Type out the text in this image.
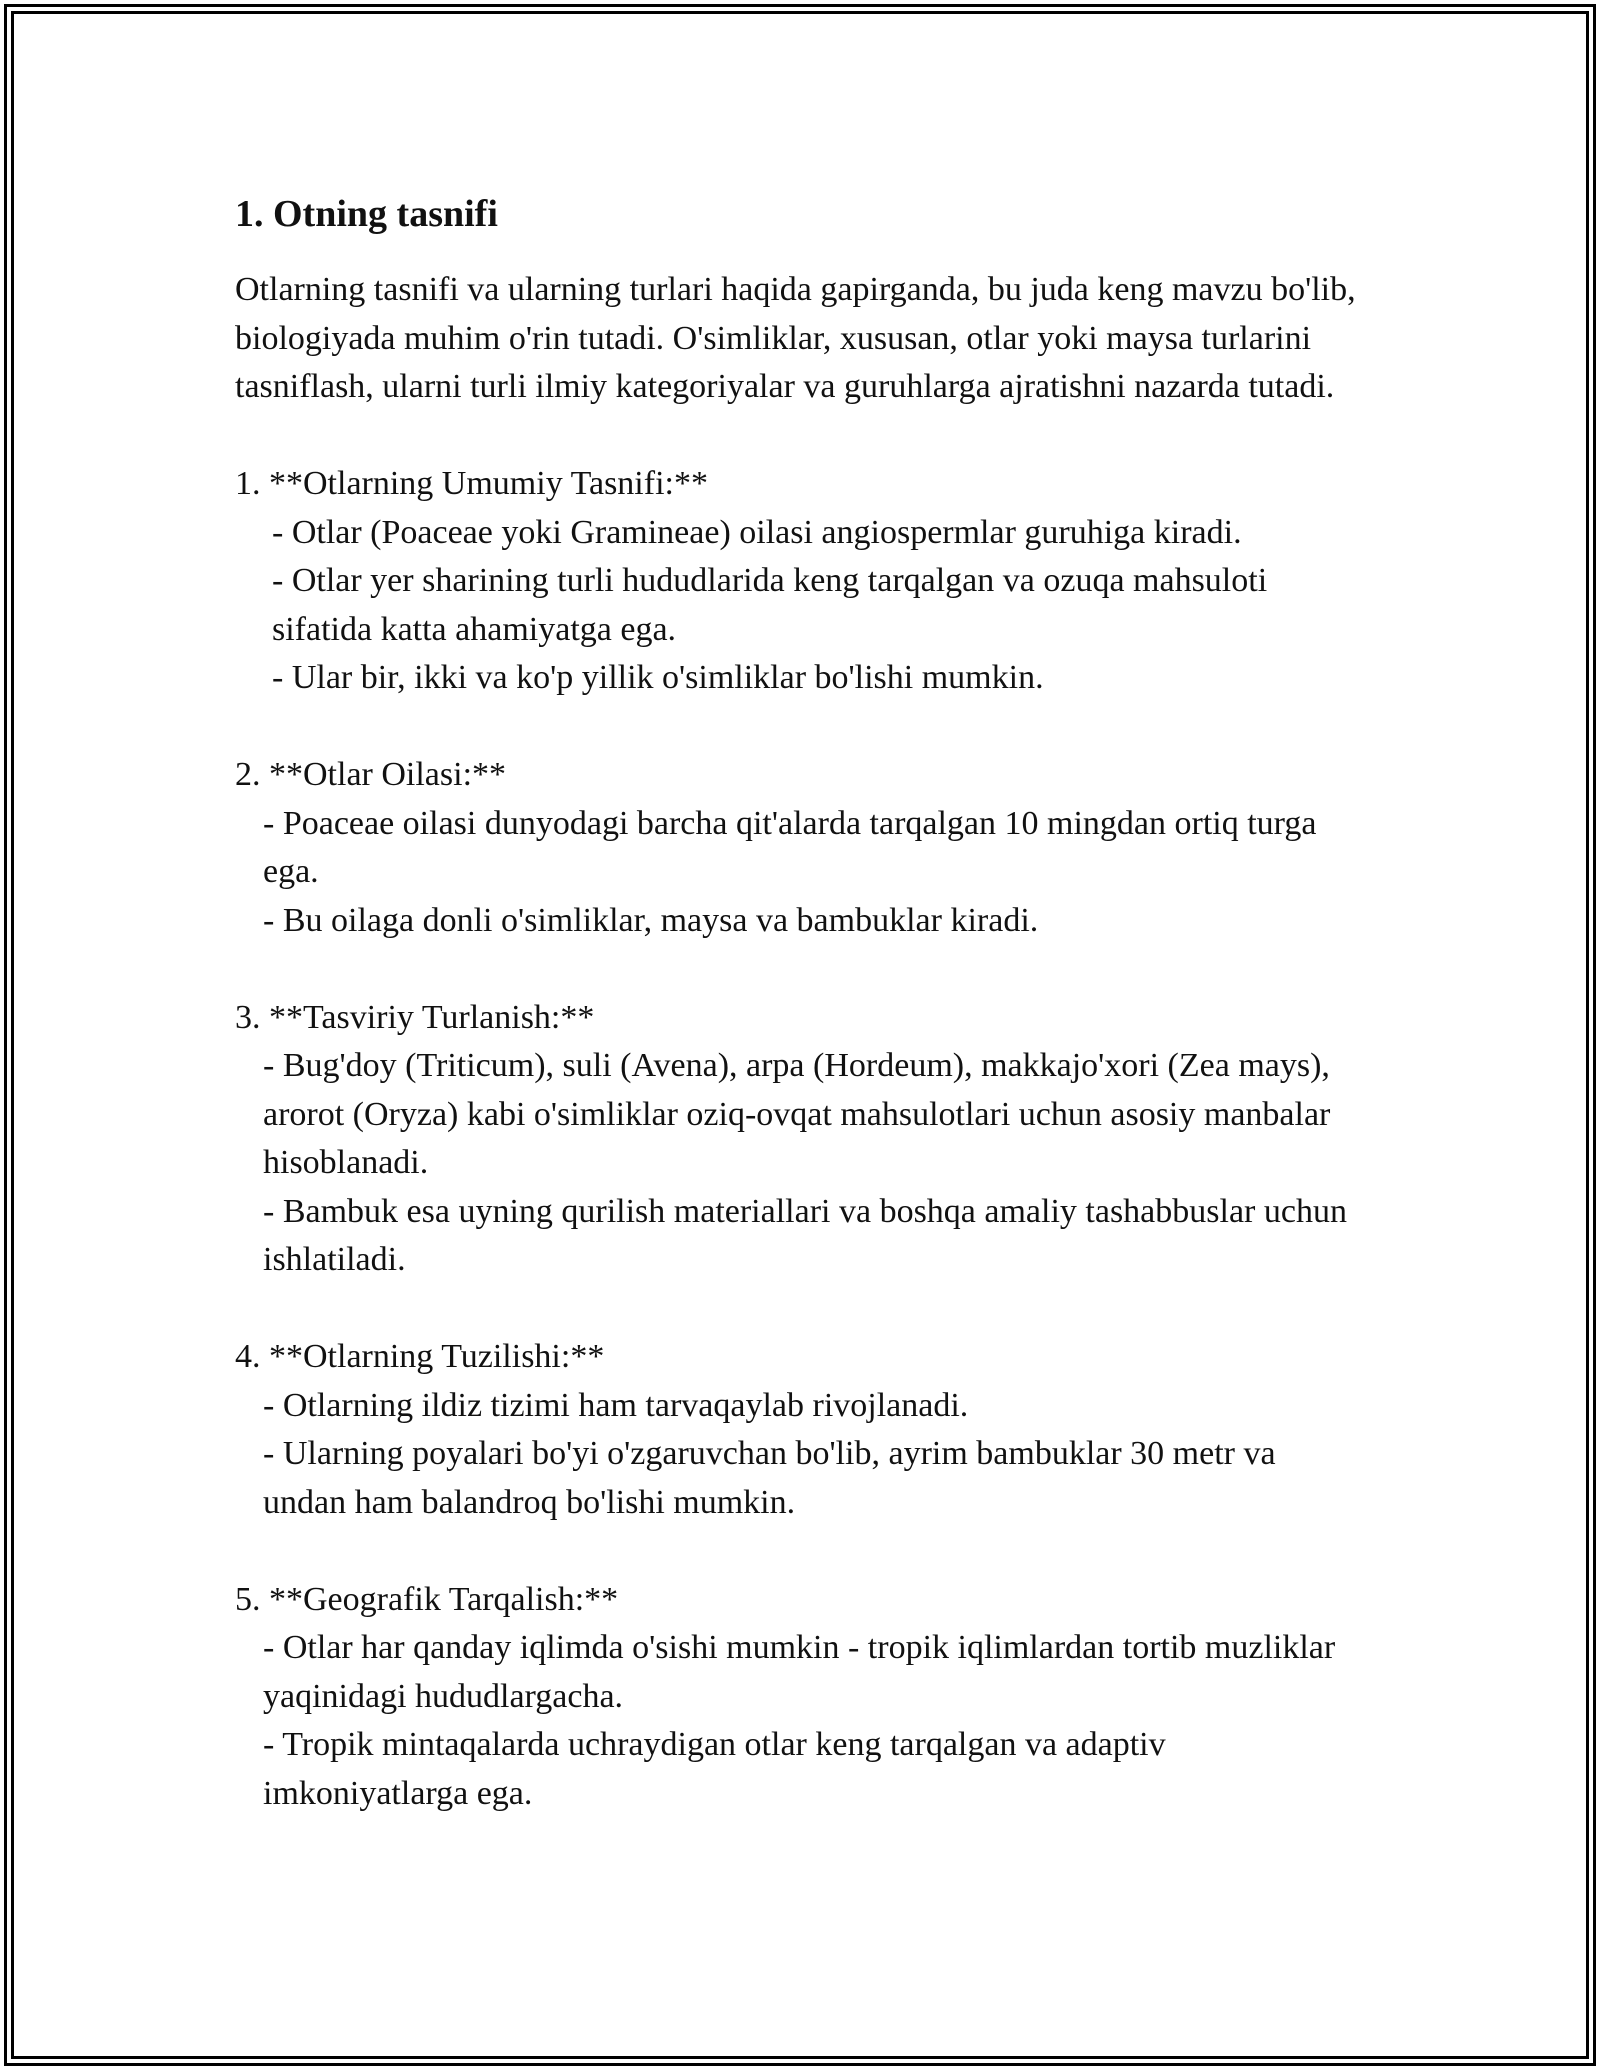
1. Otning tasnifi
Otlarning tasnifi va ularning turlari haqida gapirganda, bu juda keng mavzu bo'lib, biologiyada muhim o'rin tutadi. O'simliklar, xususan, otlar yoki maysa turlarini tasniflash, ularni turli ilmiy kategoriyalar va guruhlarga ajratishni nazarda tutadi.
1. **Otlarning Umumiy Tasnifi:**
- Otlar (Poaceae yoki Gramineae) oilasi angiospermlar guruhiga kiradi.
- Otlar yer sharining turli hududlarida keng tarqalgan va ozuqa mahsuloti sifatida katta ahamiyatga ega.
- Ular bir, ikki va ko'p yillik o'simliklar bo'lishi mumkin.
2. **Otlar Oilasi:**
- Poaceae oilasi dunyodagi barcha qit'alarda tarqalgan 10 mingdan ortiq turga ega.
- Bu oilaga donli o'simliklar, maysa va bambuklar kiradi.
3. **Tasviriy Turlanish:**
- Bug'doy (Triticum), suli (Avena), arpa (Hordeum), makkajo'xori (Zea mays), arorot (Oryza) kabi o'simliklar oziq-ovqat mahsulotlari uchun asosiy manbalar hisoblanadi.
- Bambuk esa uyning qurilish materiallari va boshqa amaliy tashabbuslar uchun ishlatiladi.
4. **Otlarning Tuzilishi:**
- Otlarning ildiz tizimi ham tarvaqaylab rivojlanadi.
- Ularning poyalari bo'yi o'zgaruvchan bo'lib, ayrim bambuklar 30 metr va undan ham balandroq bo'lishi mumkin.
5. **Geografik Tarqalish:**
- Otlar har qanday iqlimda o'sishi mumkin - tropik iqlimlardan tortib muzliklar yaqinidagi hududlargacha.
- Tropik mintaqalarda uchraydigan otlar keng tarqalgan va adaptiv imkoniyatlarga ega.
